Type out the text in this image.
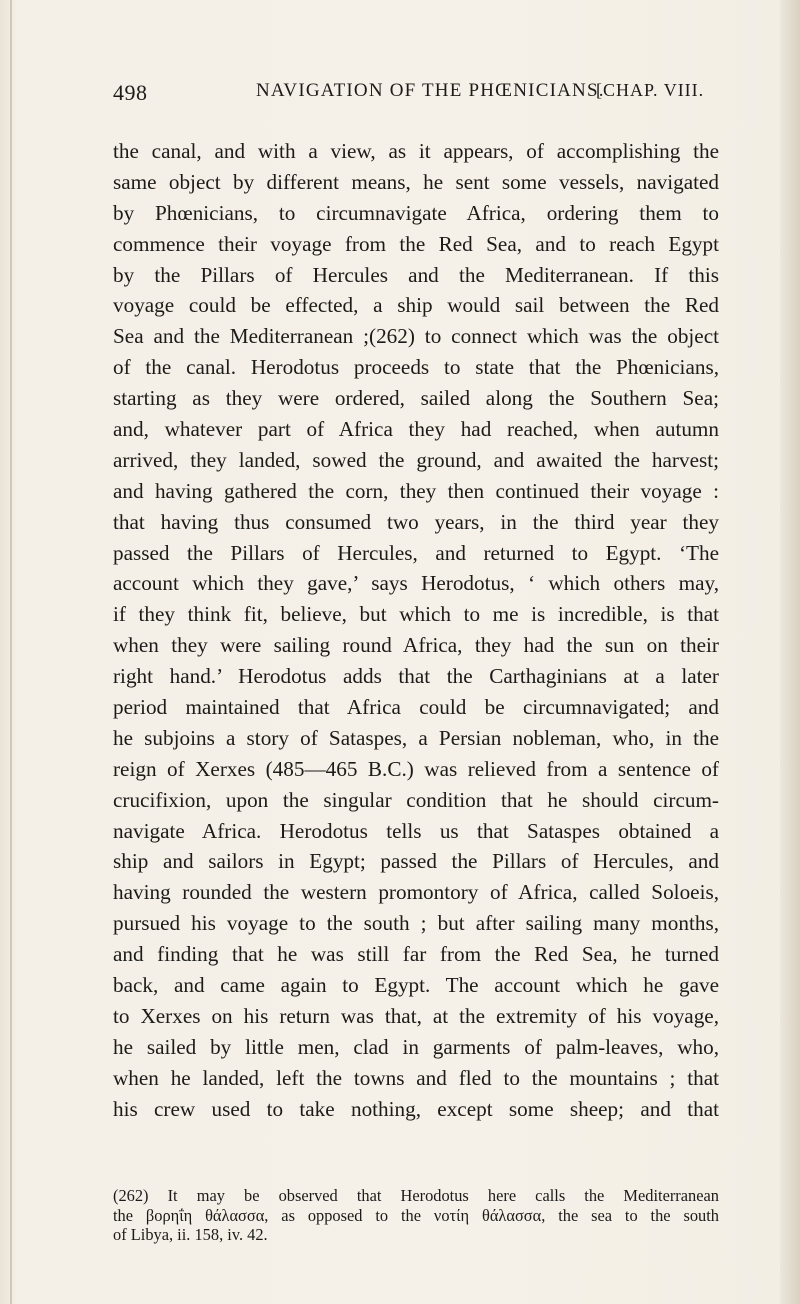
498	NAVIGATION OF THE PHŒNICIANS.
[CHAP. VIII.
the canal, and with a view, as it appears, of accomplishing the
same object by different means, he sent some vessels, navigated
by Phœnicians, to circumnavigate Africa, ordering them to
commence their voyage from the Red Sea, and to reach Egypt
by the Pillars of Hercules and the Mediterranean. If this
voyage could be effected, a ship would sail between the Red
Sea and the Mediterranean ;(262) to connect which was the object
of the canal. Herodotus proceeds to state that the Phœnicians,
starting as they were ordered, sailed along the Southern Sea;
and, whatever part of Africa they had reached, when autumn
arrived, they landed, sowed the ground, and awaited the harvest;
and having gathered the corn, they then continued their voyage :
that having thus consumed two years, in the third year they
passed the Pillars of Hercules, and returned to Egypt. ‘The
account which they gave,’ says Herodotus, ‘ which others may,
if they think fit, believe, but which to me is incredible, is that
when they were sailing round Africa, they had the sun on their
right hand.’ Herodotus adds that the Carthaginians at a later
period maintained that Africa could be circumnavigated; and
he subjoins a story of Sataspes, a Persian nobleman, who, in the
reign of Xerxes (485—465 B.C.) was relieved from a sentence of
crucifixion, upon the singular condition that he should circum-
navigate Africa. Herodotus tells us that Sataspes obtained a
ship and sailors in Egypt; passed the Pillars of Hercules, and
having rounded the western promontory of Africa, called Soloeis,
pursued his voyage to the south ; but after sailing many months,
and finding that he was still far from the Red Sea, he turned
back, and came again to Egypt. The account which he gave
to Xerxes on his return was that, at the extremity of his voyage,
he sailed by little men, clad in garments of palm-leaves, who,
when he landed, left the towns and fled to the mountains ; that
his crew used to take nothing, except some sheep; and that
(262) It may be observed that Herodotus here calls the Mediterranean
the βορηΐη θάλασσα, as opposed to the νοτίη θάλασσα, the sea to the south
of Libya, ii. 158, iv. 42.
